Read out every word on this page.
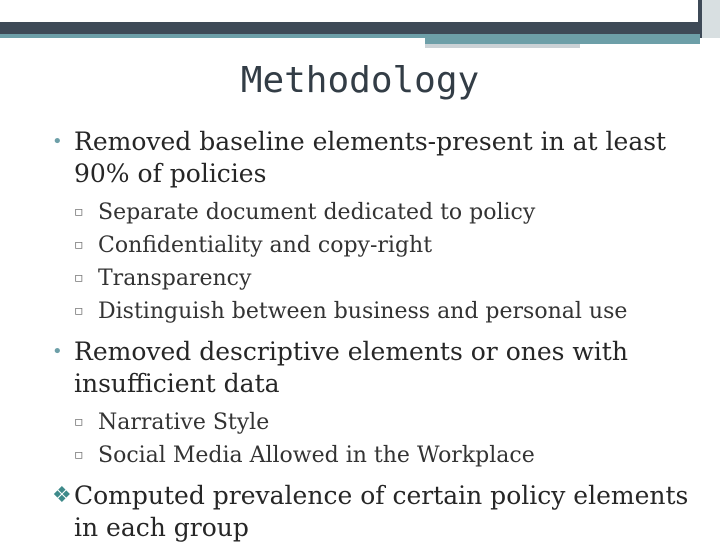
Methodology

• Removed baseline elements-present in at least 90% of policies

▫ Separate document dedicated to policy

▫ Confidentiality and copy-right

▫ Transparency

▫ Distinguish between business and personal use

• Removed descriptive elements or ones with insufficient data

▫ Narrative Style

▫ Social Media Allowed in the Workplace

❖ Computed prevalence of certain policy elements in each group
